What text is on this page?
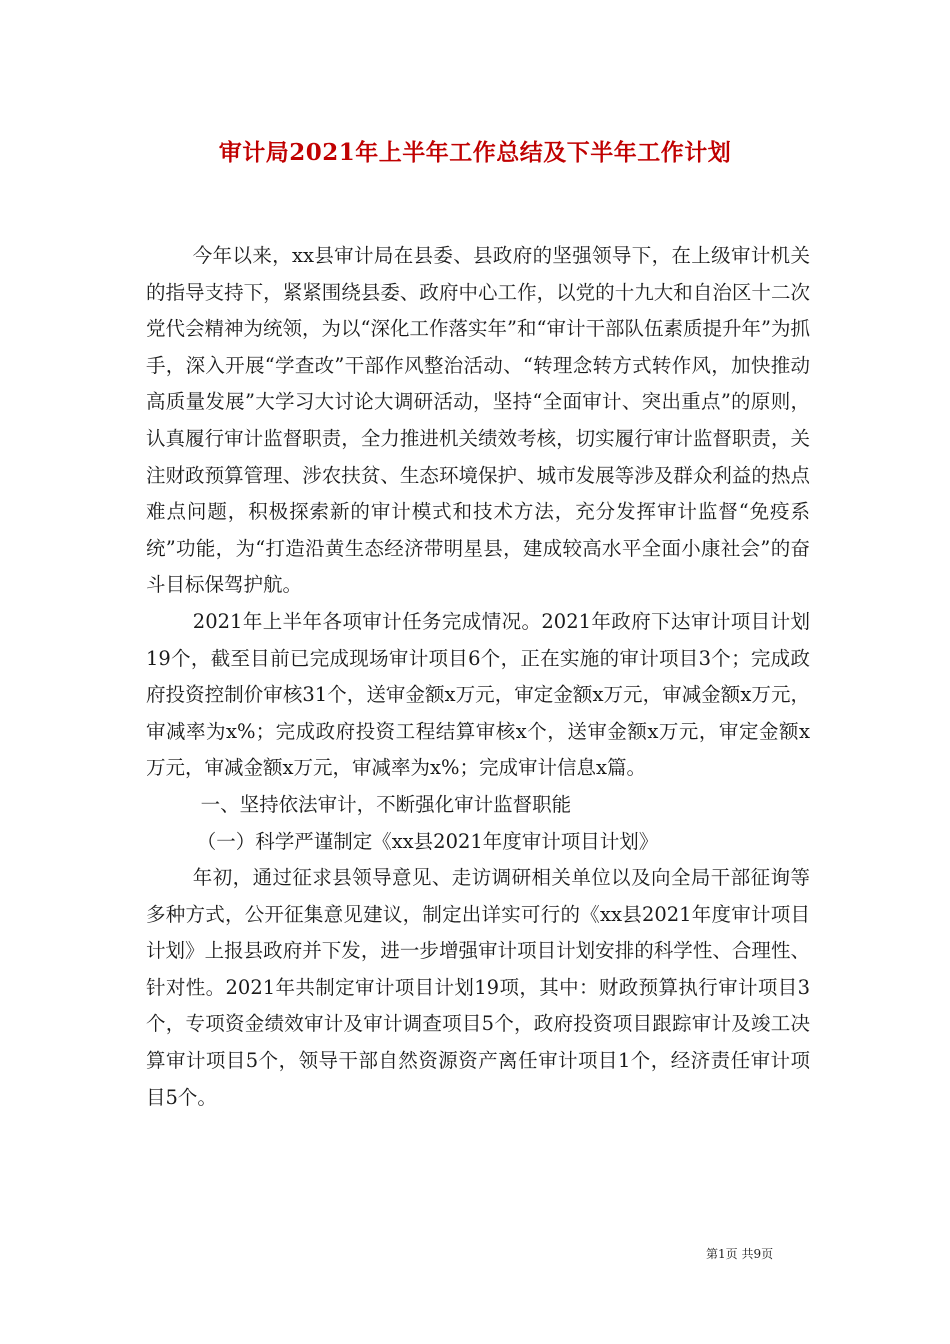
审计局2021年上半年工作总结及下半年工作计划

今年以来，xx县审计局在县委、县政府的坚强领导下，在上级审计机关的指导支持下，紧紧围绕县委、政府中心工作，以党的十九大和自治区十二次党代会精神为统领，为以“深化工作落实年”和“审计干部队伍素质提升年”为抓手，深入开展“学查改”干部作风整治活动、“转理念转方式转作风，加快推动高质量发展”大学习大讨论大调研活动，坚持“全面审计、突出重点”的原则，认真履行审计监督职责，全力推进机关绩效考核，切实履行审计监督职责，关注财政预算管理、涉农扶贫、生态环境保护、城市发展等涉及群众利益的热点难点问题，积极探索新的审计模式和技术方法，充分发挥审计监督“免疫系统”功能，为“打造沿黄生态经济带明星县，建成较高水平全面小康社会”的奋斗目标保驾护航。

2021年上半年各项审计任务完成情况。2021年政府下达审计项目计划19个，截至目前已完成现场审计项目6个，正在实施的审计项目3个；完成政府投资控制价审核31个，送审金额x万元，审定金额x万元，审减金额x万元，审减率为x%；完成政府投资工程结算审核x个，送审金额x万元，审定金额x万元，审减金额x万元，审减率为x%；完成审计信息x篇。

一、坚持依法审计，不断强化审计监督职能

（一）科学严谨制定《xx县2021年度审计项目计划》

年初，通过征求县领导意见、走访调研相关单位以及向全局干部征询等多种方式，公开征集意见建议，制定出详实可行的《xx县2021年度审计项目计划》上报县政府并下发，进一步增强审计项目计划安排的科学性、合理性、针对性。2021年共制定审计项目计划19项，其中：财政预算执行审计项目3个，专项资金绩效审计及审计调查项目5个，政府投资项目跟踪审计及竣工决算审计项目5个，领导干部自然资源资产离任审计项目1个，经济责任审计项目5个。

第1页 共9页
